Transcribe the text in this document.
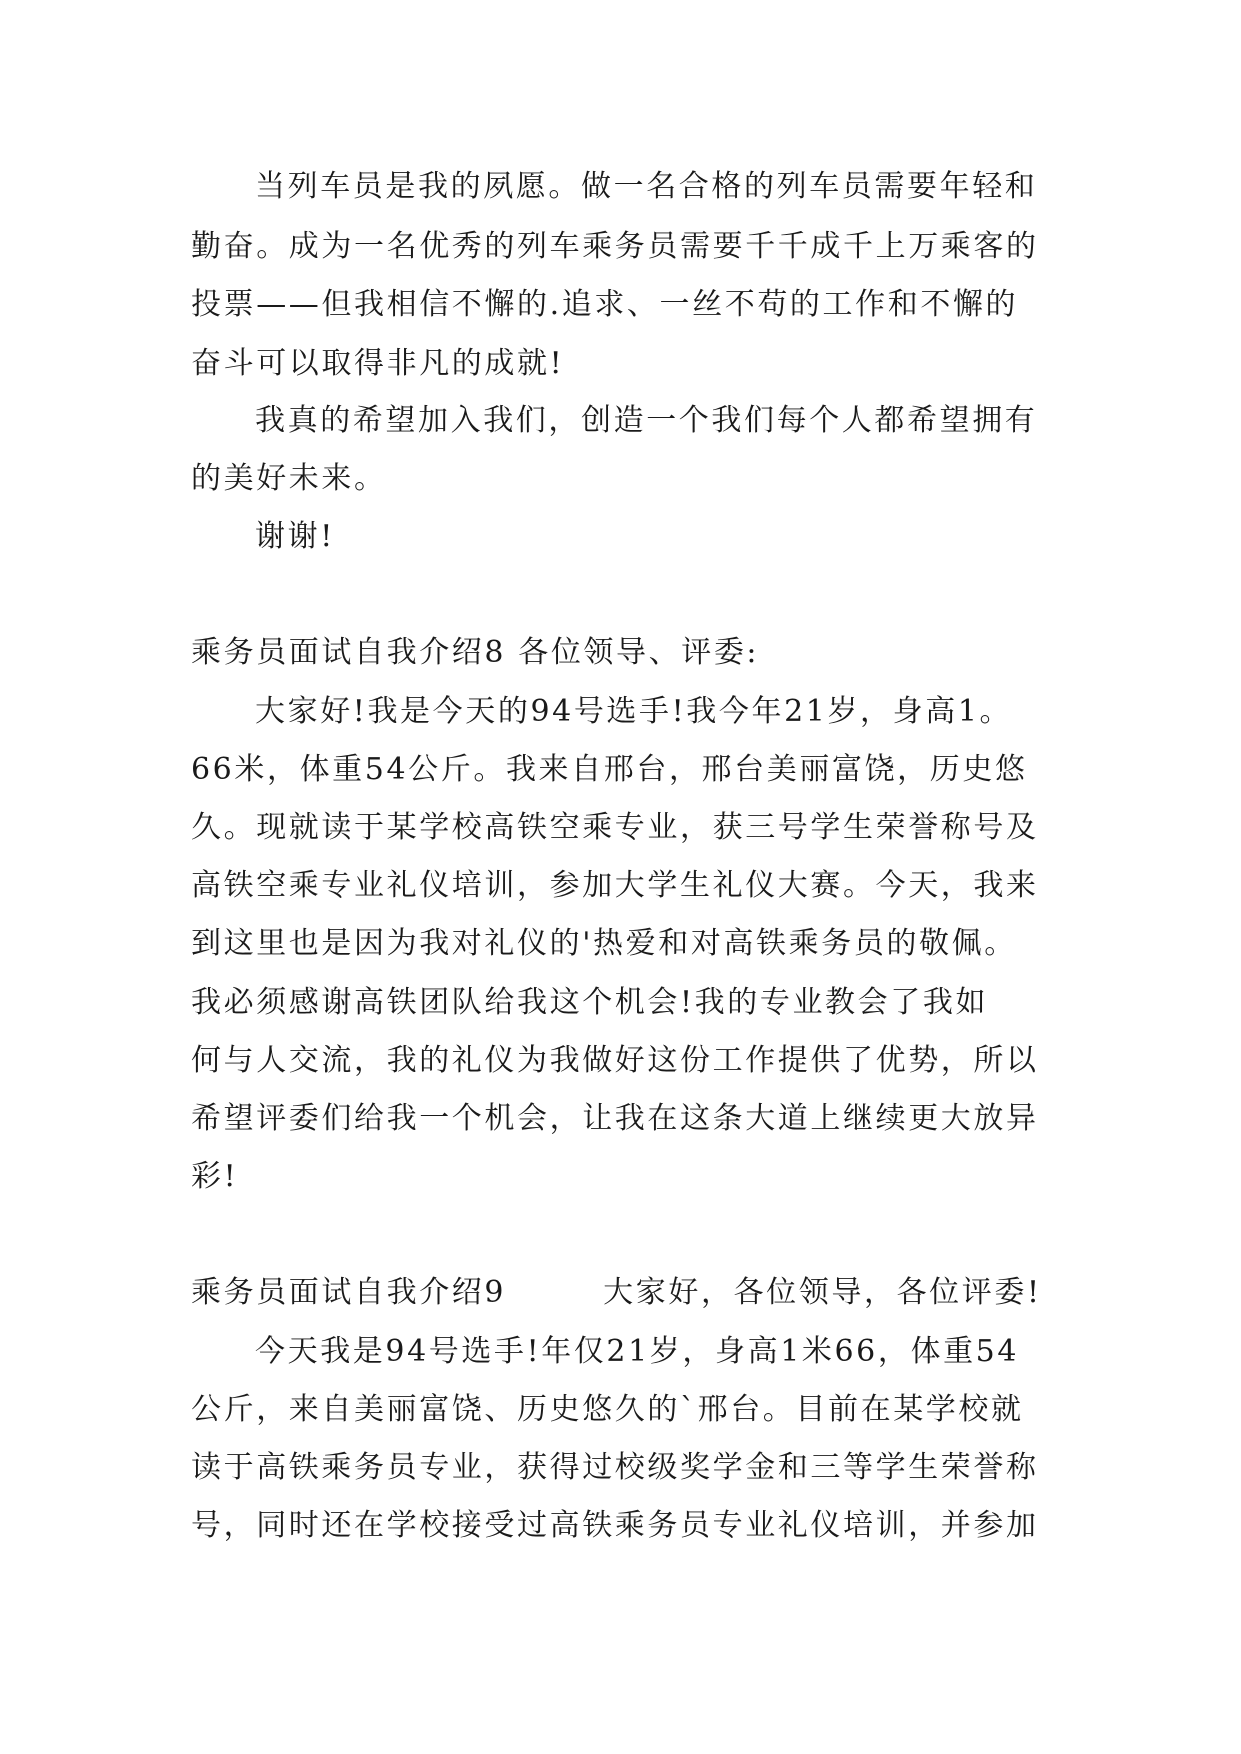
当列车员是我的夙愿。做一名合格的列车员需要年轻和
勤奋。成为一名优秀的列车乘务员需要千千成千上万乘客的
投票——但我相信不懈的.追求、一丝不苟的工作和不懈的
奋斗可以取得非凡的成就!
我真的希望加入我们，创造一个我们每个人都希望拥有
的美好未来。
谢谢!
乘务员面试自我介绍8 各位领导、评委:
大家好!我是今天的94号选手!我今年21岁，身高1。
66米，体重54公斤。我来自邢台，邢台美丽富饶，历史悠
久。现就读于某学校高铁空乘专业，获三号学生荣誉称号及
高铁空乘专业礼仪培训，参加大学生礼仪大赛。今天，我来
到这里也是因为我对礼仪的'热爱和对高铁乘务员的敬佩。
我必须感谢高铁团队给我这个机会!我的专业教会了我如
何与人交流，我的礼仪为我做好这份工作提供了优势，所以
希望评委们给我一个机会，让我在这条大道上继续更大放异
彩!
乘务员面试自我介绍9        大家好，各位领导，各位评委!
今天我是94号选手!年仅21岁，身高1米66，体重54
公斤，来自美丽富饶、历史悠久的`邢台。目前在某学校就
读于高铁乘务员专业，获得过校级奖学金和三等学生荣誉称
号，同时还在学校接受过高铁乘务员专业礼仪培训，并参加
